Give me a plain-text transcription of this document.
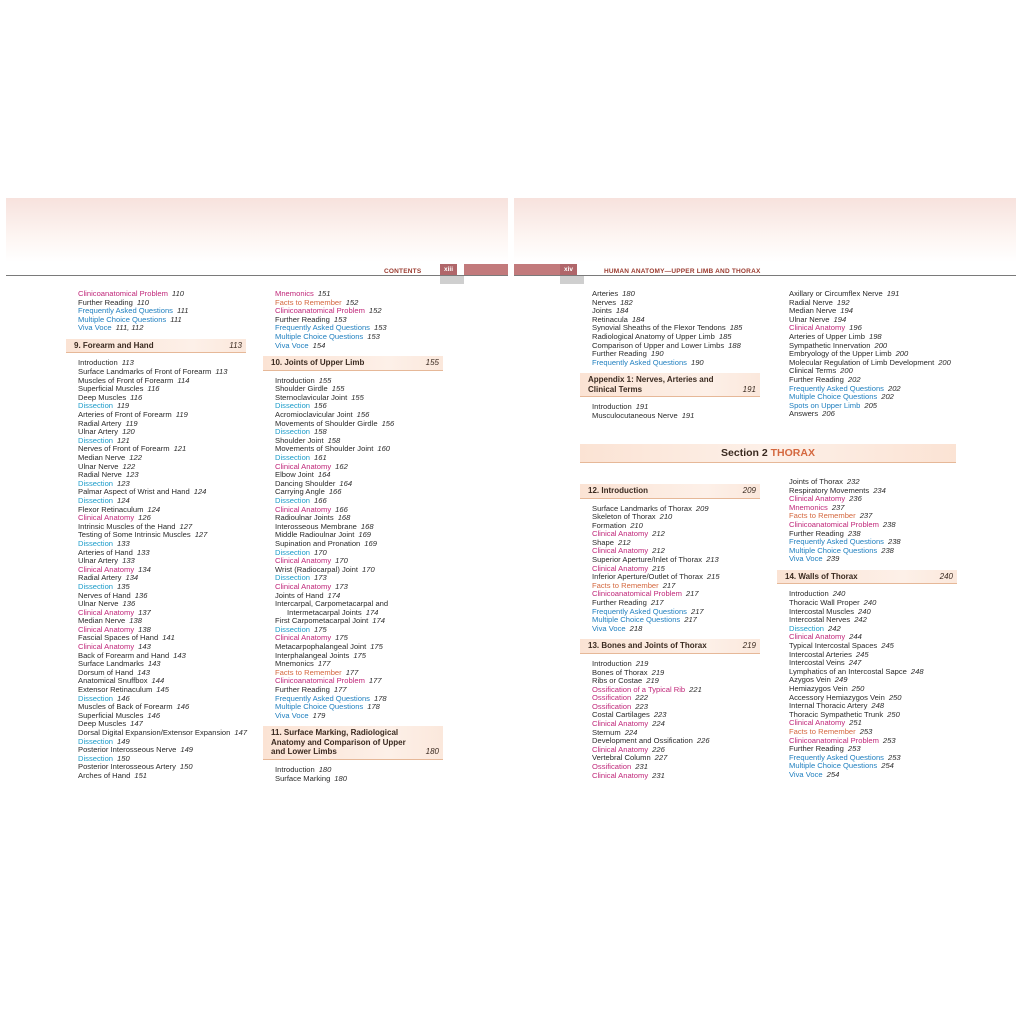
CONTENTS	xiii	xiv	HUMAN ANATOMY—UPPER LIMB AND THORAX
Clinicoanatomical Problem 110
Further Reading 110
Frequently Asked Questions 111
Multiple Choice Questions 111
Viva Voce 111, 112
9. Forearm and Hand	113
Introduction 113
Surface Landmarks of Front of Forearm 113
Muscles of Front of Forearm 114
Superficial Muscles 116
Deep Muscles 116
Dissection 119
Arteries of Front of Forearm 119
Radial Artery 119
Ulnar Artery 120
Dissection 121
Nerves of Front of Forearm 121
Median Nerve 122
Ulnar Nerve 122
Radial Nerve 123
Dissection 123
Palmar Aspect of Wrist and Hand 124
Dissection 124
Flexor Retinaculum 124
Clinical Anatomy 126
Intrinsic Muscles of the Hand 127
Testing of Some Intrinsic Muscles 127
Dissection 133
Arteries of Hand 133
Ulnar Artery 133
Clinical Anatomy 134
Radial Artery 134
Dissection 135
Nerves of Hand 136
Ulnar Nerve 136
Clinical Anatomy 137
Median Nerve 138
Clinical Anatomy 138
Fascial Spaces of Hand 141
Clinical Anatomy 143
Back of Forearm and Hand 143
Surface Landmarks 143
Dorsum of Hand 143
Anatomical Snuffbox 144
Extensor Retinaculum 145
Dissection 146
Muscles of Back of Forearm 146
Superficial Muscles 146
Deep Muscles 147
Dorsal Digital Expansion/Extensor Expansion 147
Dissection 149
Posterior Interosseous Nerve 149
Dissection 150
Posterior Interosseous Artery 150
Arches of Hand 151
Mnemonics 151
Facts to Remember 152
Clinicoanatomical Problem 152
Further Reading 153
Frequently Asked Questions 153
Multiple Choice Questions 153
Viva Voce 154
10. Joints of Upper Limb	155
Introduction 155
Shoulder Girdle 155
Sternoclavicular Joint 155
Dissection 156
Acromioclavicular Joint 156
Movements of Shoulder Girdle 156
Dissection 158
Shoulder Joint 158
Movements of Shoulder Joint 160
Dissection 161
Clinical Anatomy 162
Elbow Joint 164
Dancing Shoulder 164
Carrying Angle 166
Dissection 166
Clinical Anatomy 166
Radioulnar Joints 168
Interosseous Membrane 168
Middle Radioulnar Joint 169
Supination and Pronation 169
Dissection 170
Clinical Anatomy 170
Wrist (Radiocarpal) Joint 170
Dissection 173
Clinical Anatomy 173
Joints of Hand 174
Intercarpal, Carpometacarpal and
Intermetacarpal Joints 174
First Carpometacarpal Joint 174
Dissection 175
Clinical Anatomy 175
Metacarpophalangeal Joint 175
Interphalangeal Joints 175
Mnemonics 177
Facts to Remember 177
Clinicoanatomical Problem 177
Further Reading 177
Frequently Asked Questions 178
Multiple Choice Questions 178
Viva Voce 179
11. Surface Marking, Radiological Anatomy and Comparison of Upper and Lower Limbs	180
Introduction 180
Surface Marking 180
Arteries 180
Nerves 182
Joints 184
Retinacula 184
Synovial Sheaths of the Flexor Tendons 185
Radiological Anatomy of Upper Limb 185
Comparison of Upper and Lower Limbs 188
Further Reading 190
Frequently Asked Questions 190
Appendix 1: Nerves, Arteries and Clinical Terms	191
Introduction 191
Musculocutaneous Nerve 191
Axillary or Circumflex Nerve 191
Radial Nerve 192
Median Nerve 194
Ulnar Nerve 194
Clinical Anatomy 196
Arteries of Upper Limb 198
Sympathetic Innervation 200
Embryology of the Upper Limb 200
Molecular Regulation of Limb Development 200
Clinical Terms 200
Further Reading 202
Frequently Asked Questions 202
Multiple Choice Questions 202
Spots on Upper Limb 205
Answers 206
12. Introduction	209
Surface Landmarks of Thorax 209
Skeleton of Thorax 210
Formation 210
Clinical Anatomy 212
Shape 212
Clinical Anatomy 212
Superior Aperture/Inlet of Thorax 213
Clinical Anatomy 215
Inferior Aperture/Outlet of Thorax 215
Facts to Remember 217
Clinicoanatomical Problem 217
Further Reading 217
Frequently Asked Questions 217
Multiple Choice Questions 217
Viva Voce 218
13. Bones and Joints of Thorax	219
Introduction 219
Bones of Thorax 219
Ribs or Costae 219
Ossification of a Typical Rib 221
Ossification 222
Ossification 223
Costal Cartilages 223
Clinical Anatomy 224
Sternum 224
Development and Ossification 226
Clinical Anatomy 226
Vertebral Column 227
Ossification 231
Clinical Anatomy 231
Joints of Thorax 232
Respiratory Movements 234
Clinical Anatomy 236
Mnemonics 237
Facts to Remember 237
Clinicoanatomical Problem 238
Further Reading 238
Frequently Asked Questions 238
Multiple Choice Questions 238
Viva Voce 239
14. Walls of Thorax	240
Introduction 240
Thoracic Wall Proper 240
Intercostal Muscles 240
Intercostal Nerves 242
Dissection 242
Clinical Anatomy 244
Typical Intercostal Spaces 245
Intercostal Arteries 245
Intercostal Veins 247
Lymphatics of an Intercostal Sapce 248
Azygos Vein 249
Hemiazygos Vein 250
Accessory Hemiazygos Vein 250
Internal Thoracic Artery 248
Thoracic Sympathetic Trunk 250
Clinical Anatomy 251
Facts to Remember 253
Clinicoanatomical Problem 253
Further Reading 253
Frequently Asked Questions 253
Multiple Choice Questions 254
Viva Voce 254
Section 2 THORAX
